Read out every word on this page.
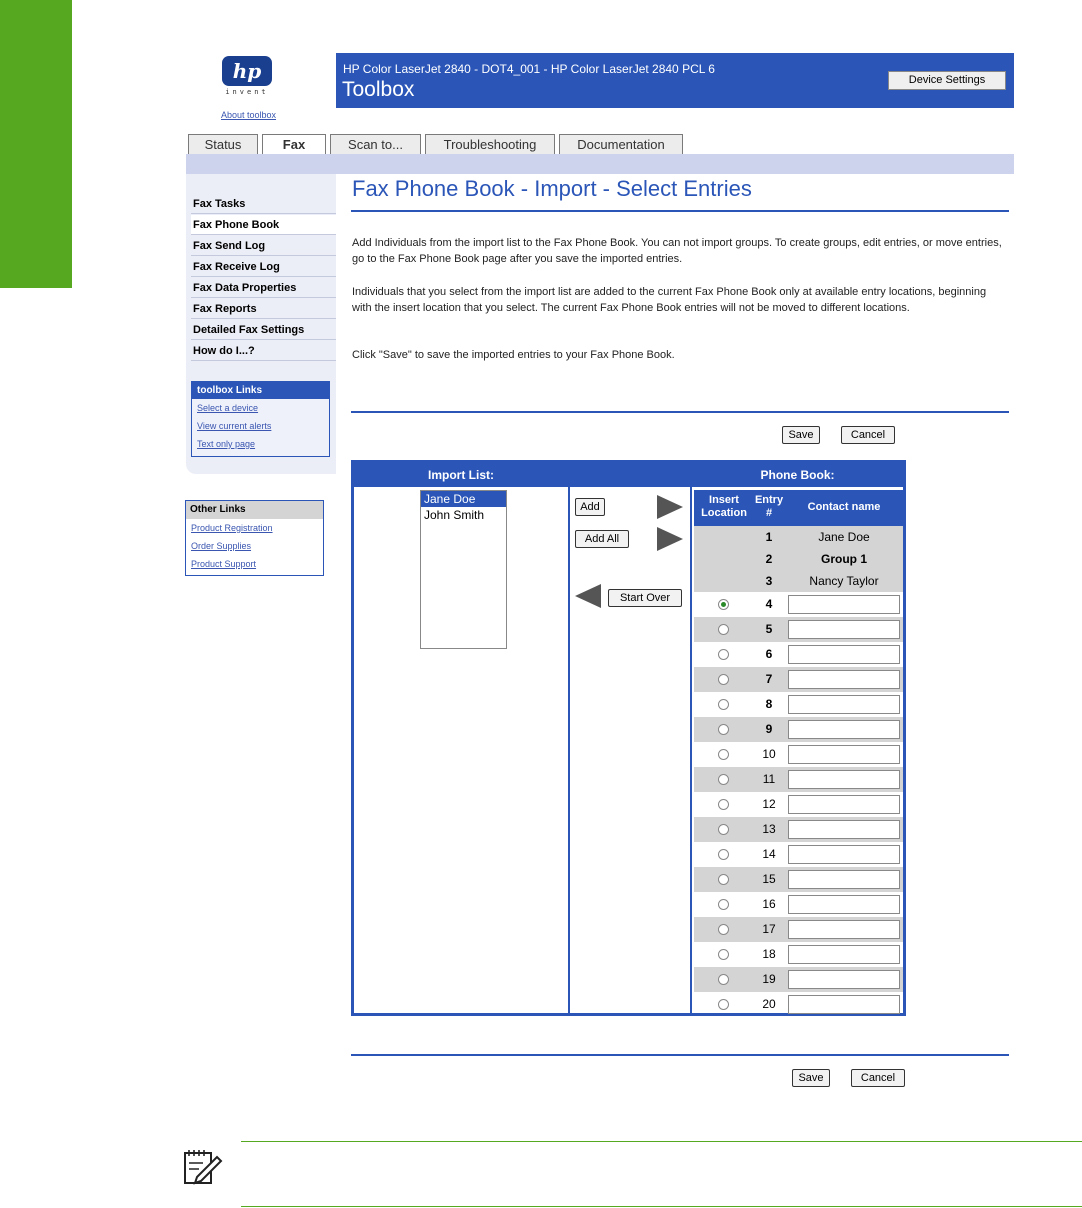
hp
invent
About toolbox
HP Color LaserJet 2840 - DOT4_001 - HP Color LaserJet 2840 PCL 6
Toolbox	Device Settings
Status	Fax	Scan to...	Troubleshooting	Documentation
Fax Tasks
Fax Phone Book
Fax Send Log
Fax Receive Log
Fax Data Properties
Fax Reports
Detailed Fax Settings
How do I...?
toolbox Links
Select a device
View current alerts
Text only page
Other Links
Product Registration
Order Supplies
Product Support
Fax Phone Book - Import - Select Entries
Add Individuals from the import list to the Fax Phone Book. You can not import groups. To create groups, edit entries, or move entries, go to the Fax Phone Book page after you save the imported entries.
Individuals that you select from the import list are added to the current Fax Phone Book only at available entry locations, beginning with the insert location that you select. The current Fax Phone Book entries will not be moved to different locations.
Click "Save" to save the imported entries to your Fax Phone Book.
Save	Cancel
Import List:	Phone Book:
Jane Doe
John Smith
Add
Add All
Start Over
Insert Location
Entry #	Contact name
1	Jane Doe
2	Group 1
3	Nancy Taylor
4
5
6
7
8
9
10
11
12
13
14
15
16
17
18
19
20
Save	Cancel
